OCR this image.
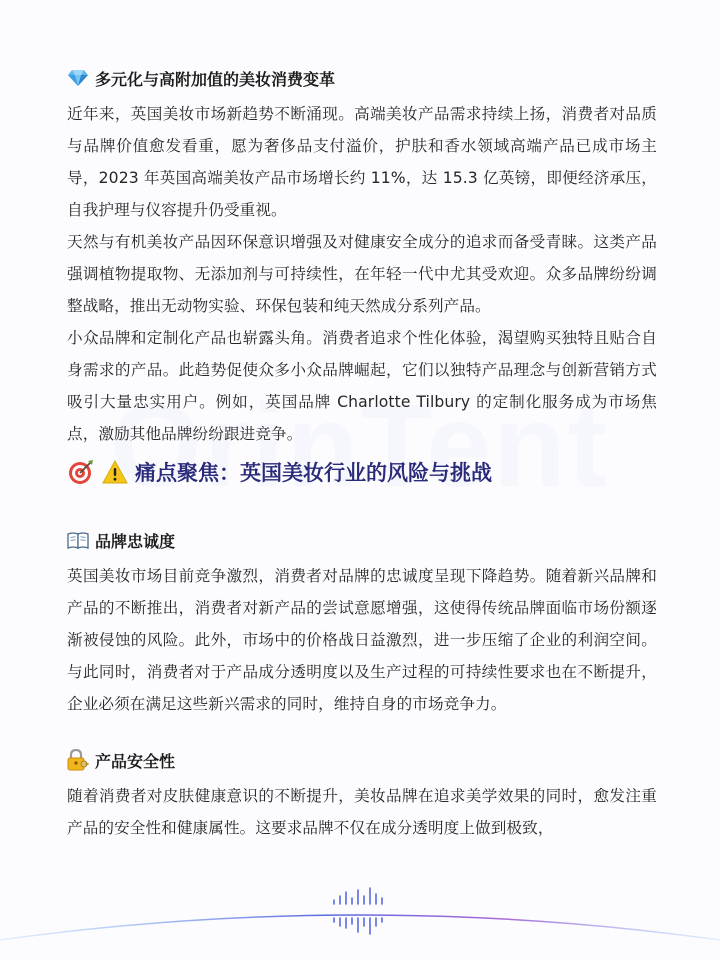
多元化与高附加值的美妆消费变革

近年来，英国美妆市场新趋势不断涌现。高端美妆产品需求持续上扬，消费者对品质与品牌价值愈发看重，愿为奢侈品支付溢价，护肤和香水领域高端产品已成市场主导，2023 年英国高端美妆产品市场增长约 11%，达 15.3 亿英镑，即便经济承压，自我护理与仪容提升仍受重视。

天然与有机美妆产品因环保意识增强及对健康安全成分的追求而备受青睐。这类产品强调植物提取物、无添加剂与可持续性，在年轻一代中尤其受欢迎。众多品牌纷纷调整战略，推出无动物实验、环保包装和纯天然成分系列产品。

小众品牌和定制化产品也崭露头角。消费者追求个性化体验，渴望购买独特且贴合自身需求的产品。此趋势促使众多小众品牌崛起，它们以独特产品理念与创新营销方式吸引大量忠实用户。例如，英国品牌 Charlotte Tilbury 的定制化服务成为市场焦点，激励其他品牌纷纷跟进竞争。

痛点聚焦：英国美妆行业的风险与挑战
品牌忠诚度

英国美妆市场目前竞争激烈，消费者对品牌的忠诚度呈现下降趋势。随着新兴品牌和产品的不断推出，消费者对新产品的尝试意愿增强，这使得传统品牌面临市场份额逐渐被侵蚀的风险。此外，市场中的价格战日益激烈，进一步压缩了企业的利润空间。与此同时，消费者对于产品成分透明度以及生产过程的可持续性要求也在不断提升，企业必须在满足这些新兴需求的同时，维持自身的市场竞争力。

产品安全性

随着消费者对皮肤健康意识的不断提升，美妆品牌在追求美学效果的同时，愈发注重产品的安全性和健康属性。这要求品牌不仅在成分透明度上做到极致，
